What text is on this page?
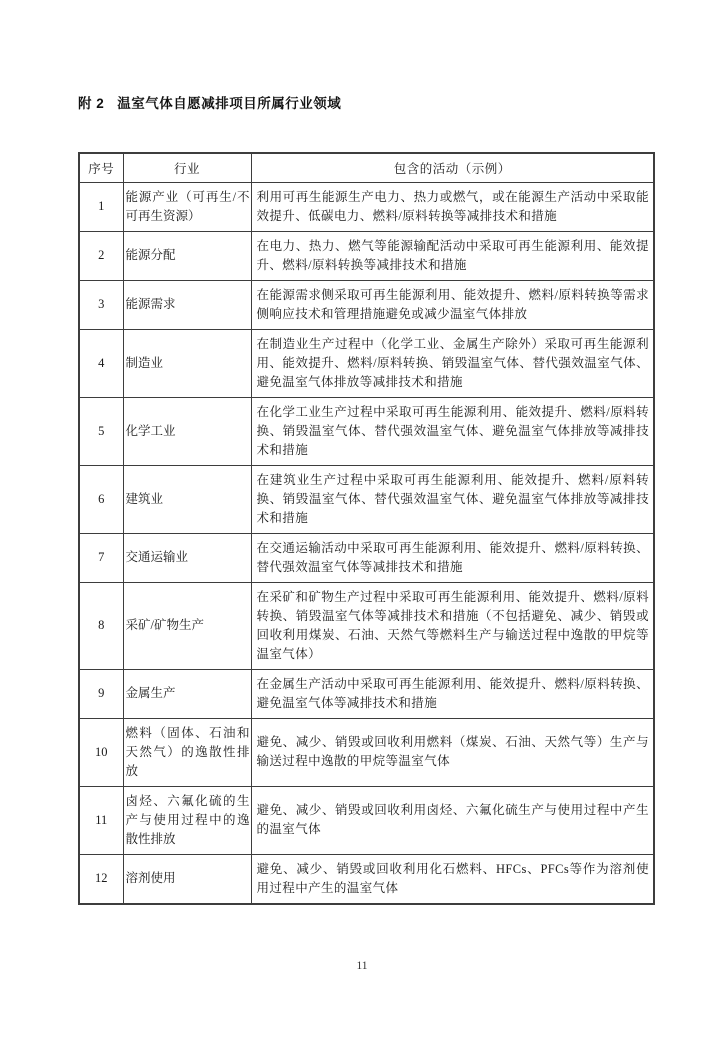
附 2 温室气体自愿减排项目所属行业领域
序号	行业	包含的活动（示例）
1	能源产业（可再生/不可再生资源）	利用可再生能源生产电力、热力或燃气，或在能源生产活动中采取能效提升、低碳电力、燃料/原料转换等减排技术和措施
2	能源分配	在电力、热力、燃气等能源输配活动中采取可再生能源利用、能效提升、燃料/原料转换等减排技术和措施
3	能源需求	在能源需求侧采取可再生能源利用、能效提升、燃料/原料转换等需求侧响应技术和管理措施避免或减少温室气体排放
4	制造业	在制造业生产过程中（化学工业、金属生产除外）采取可再生能源利用、能效提升、燃料/原料转换、销毁温室气体、替代强效温室气体、避免温室气体排放等减排技术和措施
5	化学工业	在化学工业生产过程中采取可再生能源利用、能效提升、燃料/原料转换、销毁温室气体、替代强效温室气体、避免温室气体排放等减排技术和措施
6	建筑业	在建筑业生产过程中采取可再生能源利用、能效提升、燃料/原料转换、销毁温室气体、替代强效温室气体、避免温室气体排放等减排技术和措施
7	交通运输业	在交通运输活动中采取可再生能源利用、能效提升、燃料/原料转换、替代强效温室气体等减排技术和措施
8	采矿/矿物生产	在采矿和矿物生产过程中采取可再生能源利用、能效提升、燃料/原料转换、销毁温室气体等减排技术和措施（不包括避免、减少、销毁或回收利用煤炭、石油、天然气等燃料生产与输送过程中逸散的甲烷等温室气体）
9	金属生产	在金属生产活动中采取可再生能源利用、能效提升、燃料/原料转换、避免温室气体等减排技术和措施
10	燃料（固体、石油和天然气）的逸散性排放	避免、减少、销毁或回收利用燃料（煤炭、石油、天然气等）生产与输送过程中逸散的甲烷等温室气体
11	卤烃、六氟化硫的生产与使用过程中的逸散性排放	避免、减少、销毁或回收利用卤烃、六氟化硫生产与使用过程中产生的温室气体
12	溶剂使用	避免、减少、销毁或回收利用化石燃料、HFCs、PFCs等作为溶剂使用过程中产生的温室气体
11
